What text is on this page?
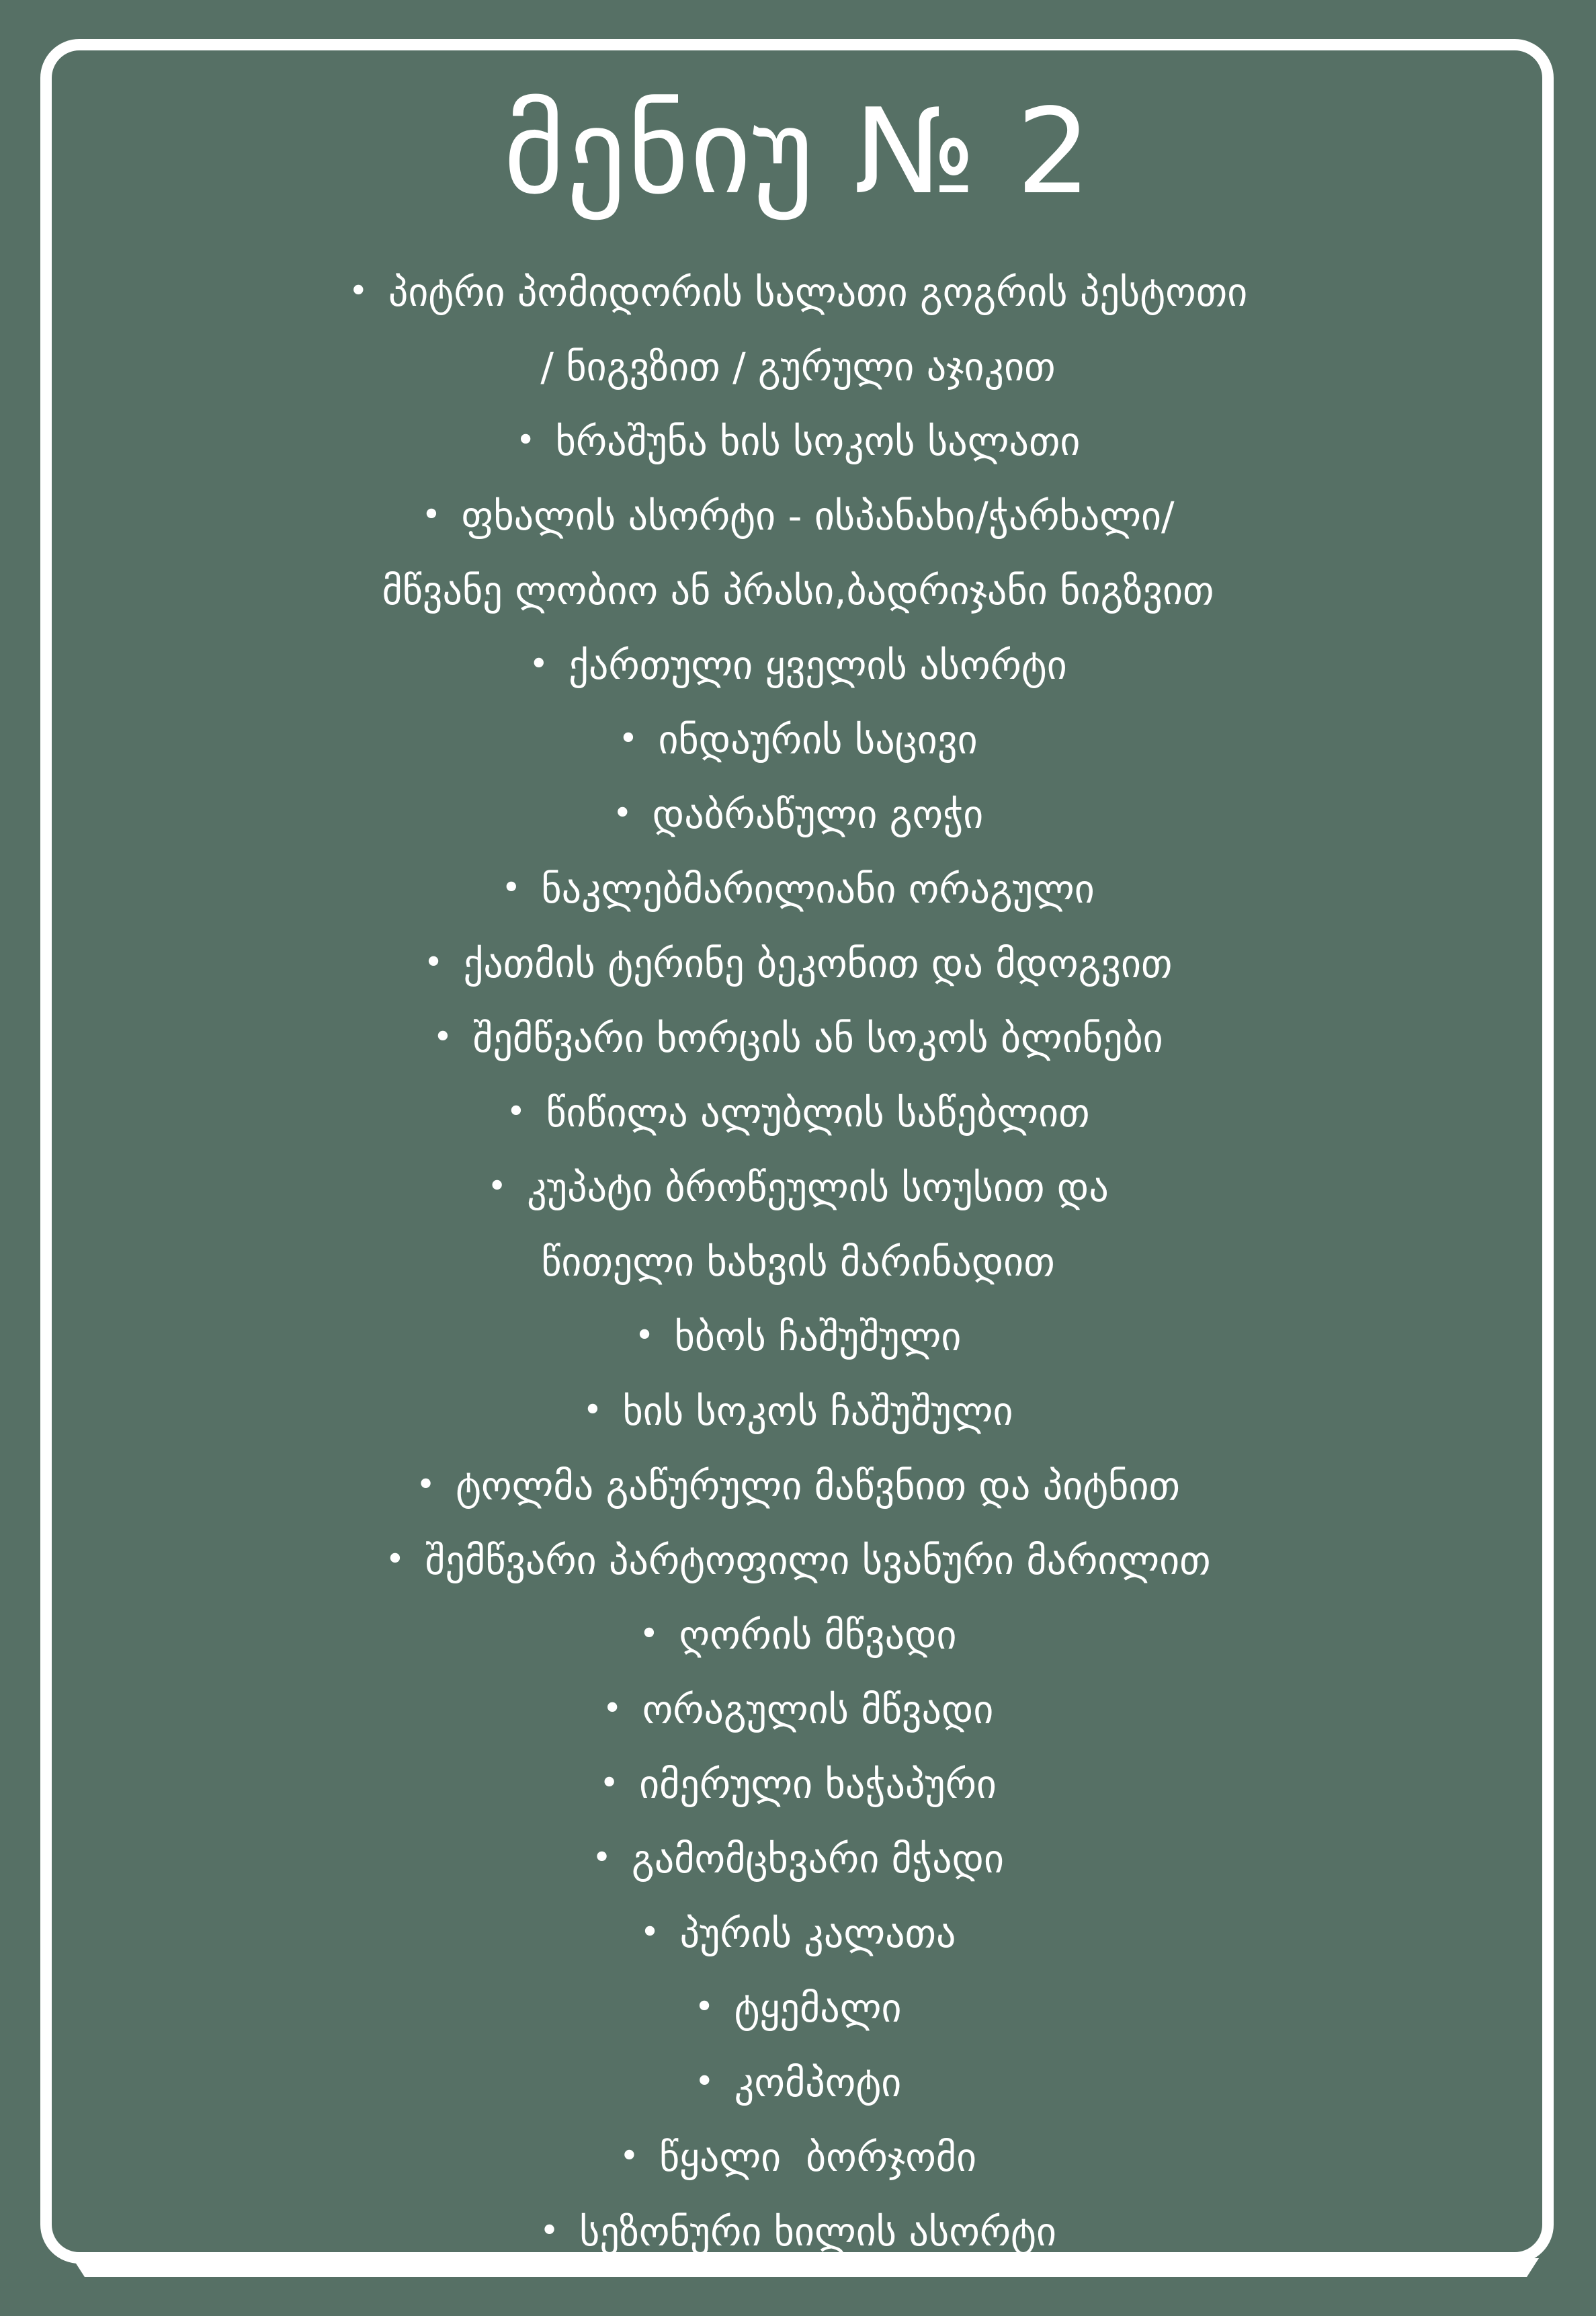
მენიუ № 2
• პიტრი პომიდორის სალათი გოგრის პესტოთი
/ ნიგვზით / გურული აჯიკით
• ხრაშუნა ხის სოკოს სალათი
• ფხალის ასორტი - ისპანახი/ჭარხალი/
მწვანე ლობიო ან პრასი,ბადრიჯანი ნიგზვით
• ქართული ყველის ასორტი
• ინდაურის საცივი
• დაბრაწული გოჭი
• ნაკლებმარილიანი ორაგული
• ქათმის ტერინე ბეკონით და მდოგვით
• შემწვარი ხორცის ან სოკოს ბლინები
• წიწილა ალუბლის საწებლით
• კუპატი ბროწეულის სოუსით და
წითელი ხახვის მარინადით
• ხბოს ჩაშუშული
• ხის სოკოს ჩაშუშული
• ტოლმა გაწურული მაწვნით და პიტნით
• შემწვარი პარტოფილი სვანური მარილით
• ღორის მწვადი
• ორაგულის მწვადი
• იმერული ხაჭაპური
• გამომცხვარი მჭადი
• პურის კალათა
• ტყემალი
• კომპოტი
• წყალი  ბორჯომი
• სეზონური ხილის ასორტი
